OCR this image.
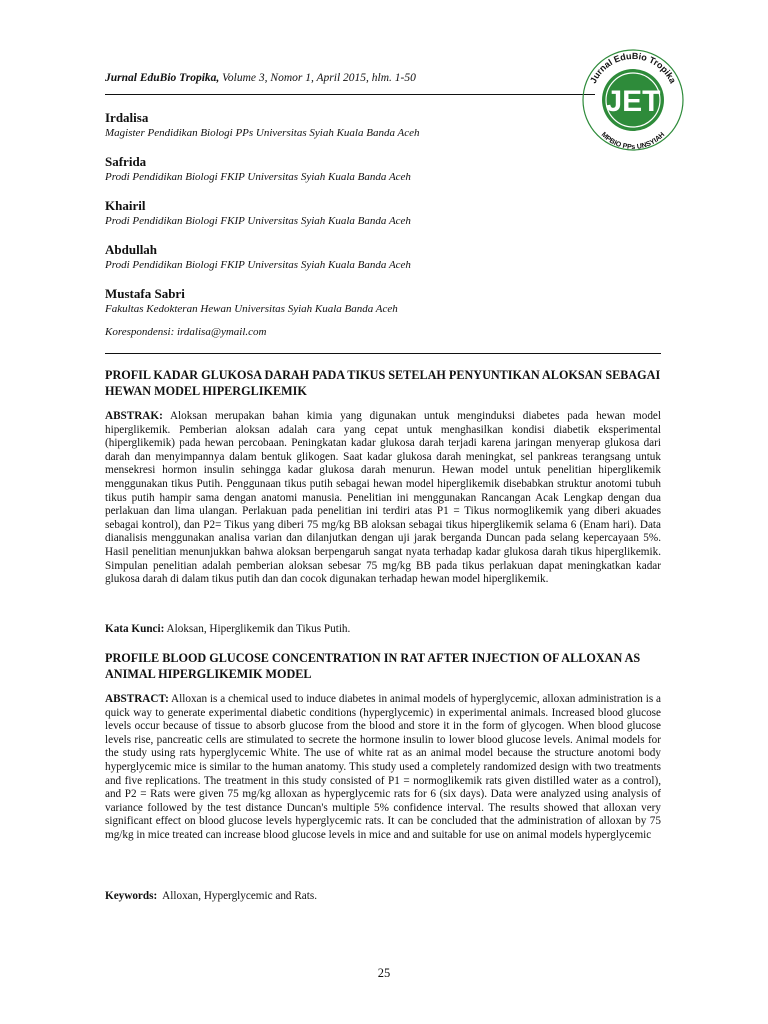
Jurnal EduBio Tropika, Volume 3, Nomor 1, April 2015, hlm. 1-50
JET
Jurnal EduBio Tropika
MPBIO PPs UNSYIAH
Irdalisa
Magister Pendidikan Biologi PPs Universitas Syiah Kuala Banda Aceh
Safrida
Prodi Pendidikan Biologi FKIP Universitas Syiah Kuala Banda Aceh
Khairil
Prodi Pendidikan Biologi FKIP Universitas Syiah Kuala Banda Aceh
Abdullah
Prodi Pendidikan Biologi FKIP Universitas Syiah Kuala Banda Aceh
Mustafa Sabri
Fakultas Kedokteran Hewan Universitas Syiah Kuala Banda Aceh
Korespondensi: irdalisa@ymail.com
PROFIL KADAR GLUKOSA DARAH PADA TIKUS SETELAH PENYUNTIKAN ALOKSAN SEBAGAI HEWAN MODEL HIPERGLIKEMIK
ABSTRAK: Aloksan merupakan bahan kimia yang digunakan untuk menginduksi diabetes pada hewan model hiperglikemik. Pemberian aloksan adalah cara yang cepat untuk menghasilkan kondisi diabetik eksperimental (hiperglikemik) pada hewan percobaan. Peningkatan kadar glukosa darah terjadi karena jaringan menyerap glukosa dari darah dan menyimpannya dalam bentuk glikogen. Saat kadar glukosa darah meningkat, sel pankreas terangsang untuk mensekresi hormon insulin sehingga kadar glukosa darah menurun. Hewan model untuk penelitian hiperglikemik menggunakan tikus Putih. Penggunaan tikus putih sebagai hewan model hiperglikemik disebabkan struktur anotomi tubuh tikus putih hampir sama dengan anatomi manusia. Penelitian ini menggunakan Rancangan Acak Lengkap dengan dua perlakuan dan lima ulangan. Perlakuan pada penelitian ini terdiri atas P1 = Tikus normoglikemik yang diberi akuades sebagai kontrol), dan P2= Tikus yang diberi 75 mg/kg BB aloksan sebagai tikus hiperglikemik selama 6 (Enam hari). Data dianalisis menggunakan analisa varian dan dilanjutkan dengan uji jarak berganda Duncan pada selang kepercayaan 5%. Hasil penelitian menunjukkan bahwa aloksan berpengaruh sangat nyata terhadap kadar glukosa darah tikus hiperglikemik. Simpulan penelitian adalah pemberian aloksan sebesar 75 mg/kg BB pada tikus perlakuan dapat meningkatkan kadar glukosa darah di dalam tikus putih dan dan cocok digunakan terhadap hewan model hiperglikemik.
Kata Kunci: Aloksan, Hiperglikemik dan Tikus Putih.
PROFILE BLOOD GLUCOSE CONCENTRATION IN RAT AFTER INJECTION OF ALLOXAN AS ANIMAL HIPERGLIKEMIK MODEL
ABSTRACT: Alloxan is a chemical used to induce diabetes in animal models of hyperglycemic, alloxan administration is a quick way to generate experimental diabetic conditions (hyperglycemic) in experimental animals. Increased blood glucose levels occur because of tissue to absorb glucose from the blood and store it in the form of glycogen. When blood glucose levels rise, pancreatic cells are stimulated to secrete the hormone insulin to lower blood glucose levels. Animal models for the study using rats hyperglycemic White. The use of white rat as an animal model because the structure anotomi body hyperglycemic mice is similar to the human anatomy. This study used a completely randomized design with two treatments and five replications. The treatment in this study consisted of P1 = normoglikemik rats given distilled water as a control), and P2 = Rats were given 75 mg/kg alloxan as hyperglycemic rats for 6 (six days). Data were analyzed using analysis of variance followed by the test distance Duncan's multiple 5% confidence interval. The results showed that alloxan very significant effect on blood glucose levels hyperglycemic rats. It can be concluded that the administration of alloxan by 75 mg/kg in mice treated can increase blood glucose levels in mice and and suitable for use on animal models hyperglycemic
Keywords:  Alloxan, Hyperglycemic and Rats.
25
